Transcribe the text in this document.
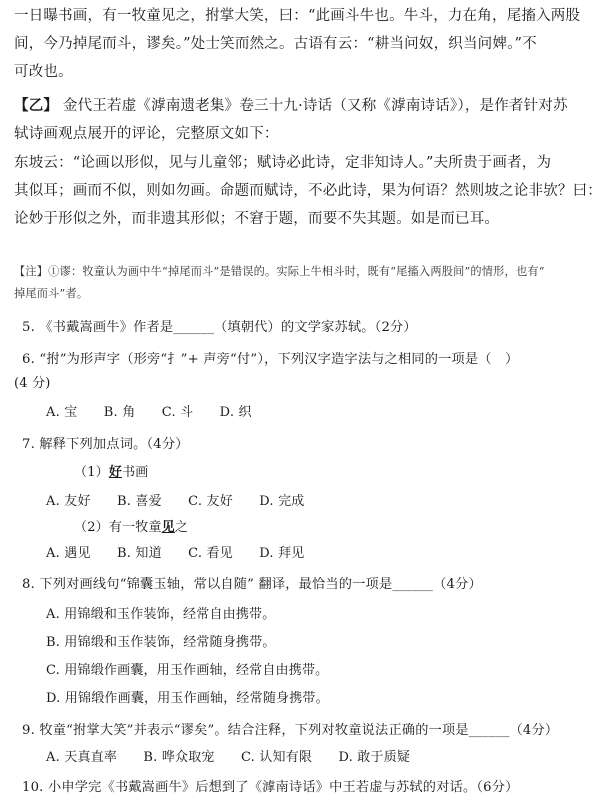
一日曝书画，有一牧童见之，拊掌大笑，曰：“此画斗牛也。牛斗，力在角，尾搐入两股
间，今乃掉尾而斗，谬矣。”处士笑而然之。古语有云：“耕当问奴，织当问婢。”不
可改也。
【乙】 金代王若虚《滹南遗老集》卷三十九·诗话（又称《滹南诗话》），是作者针对苏
轼诗画观点展开的评论，完整原文如下：
东坡云：“论画以形似，见与儿童邻；赋诗必此诗，定非知诗人。”夫所贵于画者，为
其似耳；画而不似，则如勿画。命题而赋诗，不必此诗，果为何语？然则坡之论非欤？曰：
论妙于形似之外，而非遗其形似；不窘于题，而要不失其题。如是而已耳。
【注】①谬：牧童认为画中牛“掉尾而斗”是错误的。实际上牛相斗时，既有“尾搐入两股间”的情形，也有“
掉尾而斗”者。
5. 《书戴嵩画牛》作者是______（填朝代）的文学家苏轼。（2分）
6. “拊”为形声字（形旁“扌”+ 声旁“付”），下列汉字造字法与之相同的一项是（　）
(4 分)
A. 宝 B. 角 C. 斗 D. 织
7. 解释下列加点词。（4分）
（1）好书画
A. 友好 B. 喜爱 C. 友好 D. 完成
（2）有一牧童见之
A. 遇见 B. 知道 C. 看见 D. 拜见
8. 下列对画线句“锦囊玉轴，常以自随” 翻译，最恰当的一项是______（4分）
A. 用锦缎和玉作装饰，经常自由携带。
B. 用锦缎和玉作装饰，经常随身携带。
C. 用锦缎作画囊，用玉作画轴，经常自由携带。
D. 用锦缎作画囊，用玉作画轴，经常随身携带。
9. 牧童“拊掌大笑”并表示“谬矣”。结合注释，下列对牧童说法正确的一项是______（4分）
A. 天真直率 B. 哗众取宠 C. 认知有限 D. 敢于质疑
10. 小申学完《书戴嵩画牛》后想到了《滹南诗话》中王若虚与苏轼的对话。（6分）
